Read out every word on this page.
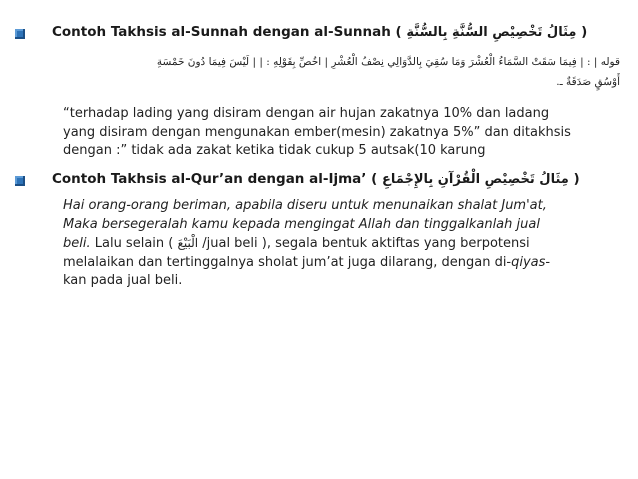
Contoh Takhsis al-Sunnah dengan al-Sunnah ( مِثَالُ تَخْصِيْصِ السُّنَّةِ بِالسُّنَّةِ )
قوله | : | فِيمَا سَقَتْ السَّمَاءُ الْعُشْرَ وَمَا سُقِيَ بِالدَّوَالِي نِصْفُ الْعُشْرِ | اخُصِّ بِقَوْلِهِ : | | لَيْسَ فِيمَا دُونَ خَمْسَةِ
أَوْسُقٍ صَدَقَةٌ ـ.
“terhadap lading yang disiram dengan air hujan zakatnya 10% dan ladang
yang disiram dengan mengunakan ember(mesin) zakatnya 5%” dan ditakhsis
dengan :” tidak ada zakat ketika tidak cukup 5 autsak(10 karung
Contoh Takhsis al-Qur’an dengan al-Ijma’ ( مِثَالُ تَخْصِيْصِ الْقُرْآنِ بِالإِجْمَاعِ )
Hai orang-orang beriman, apabila diseru untuk menunaikan shalat Jum'at,
Maka bersegeralah kamu kepada mengingat Allah dan tinggalkanlah jual
beli. Lalu selain ( الْبَيْعَ /jual beli ), segala bentuk aktiftas yang berpotensi
melalaikan dan tertinggalnya sholat jum’at juga dilarang, dengan di-qiyas-
kan pada jual beli.
